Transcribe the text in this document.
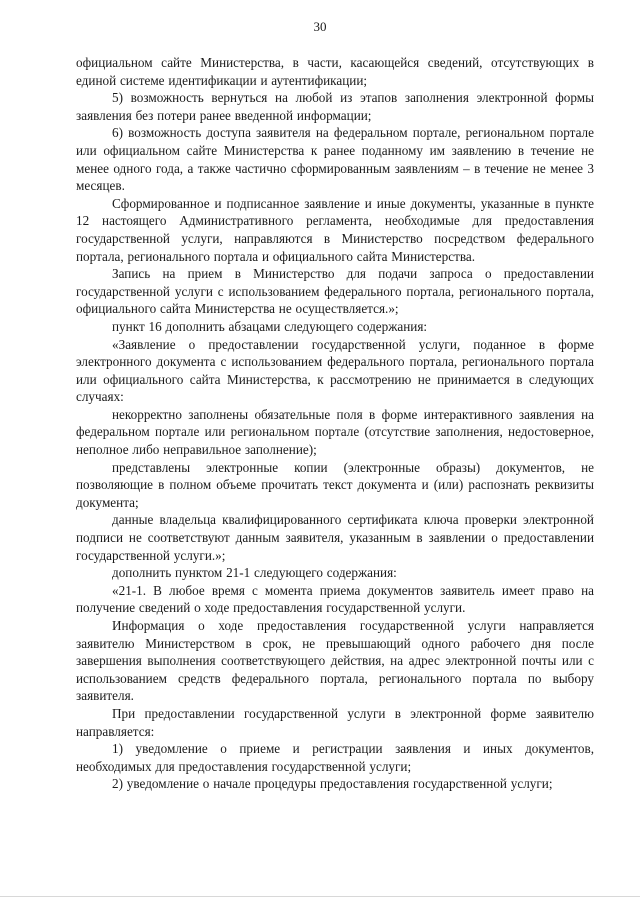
30

официальном сайте Министерства, в части, касающейся сведений, отсутствующих в единой системе идентификации и аутентификации;

5) возможность вернуться на любой из этапов заполнения электронной формы заявления без потери ранее введенной информации;

6) возможность доступа заявителя на федеральном портале, региональном портале или официальном сайте Министерства к ранее поданному им заявлению в течение не менее одного года, а также частично сформированным заявлениям – в течение не менее 3 месяцев.

Сформированное и подписанное заявление и иные документы, указанные в пункте 12 настоящего Административного регламента, необходимые для предоставления государственной услуги, направляются в Министерство посредством федерального портала, регионального портала и официального сайта Министерства.

Запись на прием в Министерство для подачи запроса о предоставлении государственной услуги с использованием федерального портала, регионального портала, официального сайта Министерства не осуществляется.»;

пункт 16 дополнить абзацами следующего содержания:

«Заявление о предоставлении государственной услуги, поданное в форме электронного документа с использованием федерального портала, регионального портала или официального сайта Министерства, к рассмотрению не принимается в следующих случаях:

некорректно заполнены обязательные поля в форме интерактивного заявления на федеральном портале или региональном портале (отсутствие заполнения, недостоверное, неполное либо неправильное заполнение);

представлены электронные копии (электронные образы) документов, не позволяющие в полном объеме прочитать текст документа и (или) распознать реквизиты документа;

данные владельца квалифицированного сертификата ключа проверки электронной подписи не соответствуют данным заявителя, указанным в заявлении о предоставлении государственной услуги.»;

дополнить пунктом 21-1 следующего содержания:

«21-1. В любое время с момента приема документов заявитель имеет право на получение сведений о ходе предоставления государственной услуги.

Информация о ходе предоставления государственной услуги направляется заявителю Министерством в срок, не превышающий одного рабочего дня после завершения выполнения соответствующего действия, на адрес электронной почты или с использованием средств федерального портала, регионального портала по выбору заявителя.

При предоставлении государственной услуги в электронной форме заявителю направляется:

1) уведомление о приеме и регистрации заявления и иных документов, необходимых для предоставления государственной услуги;

2) уведомление о начале процедуры предоставления государственной услуги;
